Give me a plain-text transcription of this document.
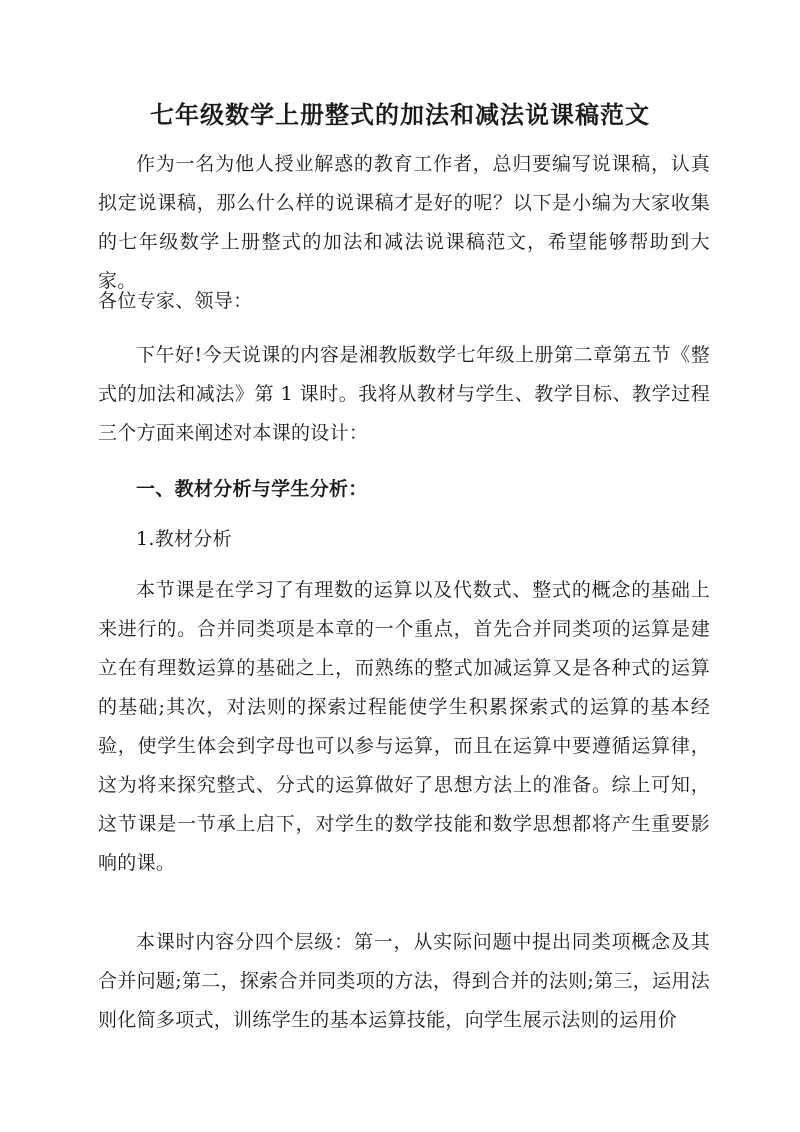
七年级数学上册整式的加法和减法说课稿范文

作为一名为他人授业解惑的教育工作者，总归要编写说课稿，认真拟定说课稿，那么什么样的说课稿才是好的呢？以下是小编为大家收集的七年级数学上册整式的加法和减法说课稿范文，希望能够帮助到大家。

各位专家、领导：

下午好!今天说课的内容是湘教版数学七年级上册第二章第五节《整式的加法和减法》第 1 课时。我将从教材与学生、教学目标、教学过程三个方面来阐述对本课的设计：

一、教材分析与学生分析：

1.教材分析

本节课是在学习了有理数的运算以及代数式、整式的概念的基础上来进行的。合并同类项是本章的一个重点，首先合并同类项的运算是建立在有理数运算的基础之上，而熟练的整式加减运算又是各种式的运算的基础;其次，对法则的探索过程能使学生积累探索式的运算的基本经验，使学生体会到字母也可以参与运算，而且在运算中要遵循运算律，这为将来探究整式、分式的运算做好了思想方法上的准备。综上可知，这节课是一节承上启下，对学生的数学技能和数学思想都将产生重要影响的课。

本课时内容分四个层级：第一，从实际问题中提出同类项概念及其合并问题;第二，探索合并同类项的方法，得到合并的法则;第三，运用法则化简多项式，训练学生的基本运算技能，向学生展示法则的运用价
